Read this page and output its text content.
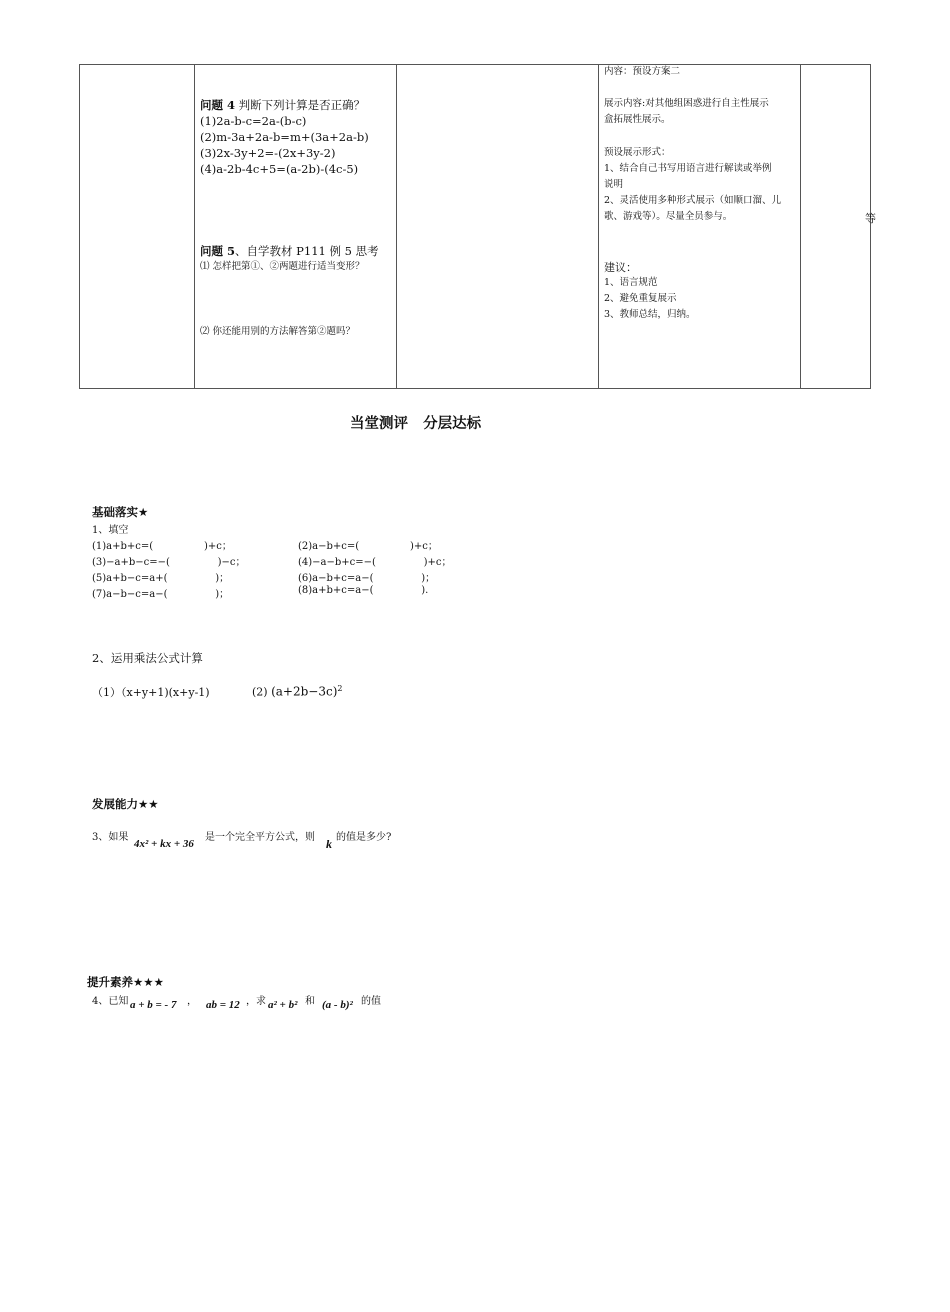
问题 4 判断下列计算是否正确？
(1)2a-b-c=2a-(b-c)
(2)m-3a+2a-b=m+(3a+2a-b)
(3)2x-3y+2=-(2x+3y-2)
(4)a-2b-4c+5=(a-2b)-(4c-5)
问题 5、自学教材 P111 例 5 思考
⑴ 怎样把第①、②两题进行适当变形？
⑵ 你还能用别的方法解答第②题吗？
内容：预设方案二
展示内容:对其他组困惑进行自主性展示
盒拓展性展示。
预设展示形式：
1、结合自己书写用语言进行解读或举例
说明
2、灵活使用多种形式展示（如顺口溜、儿
歌、游戏等）。尽量全员参与。
建议：
1、语言规范
2、避免重复展示
3、教师总结，归纳。
等
当堂测评   分层达标
基础落实★
1、填空
(1)a+b+c=(                )+c；	(2)a−b+c=(                )+c；
(3)−a+b−c=−(               )−c；	(4)−a−b+c=−(               )+c；
(5)a+b−c=a+(               )；	(6)a−b+c=a−(               )；
(7)a−b−c=a−(               )；	(8)a+b+c=a−(               ).
2、运用乘法公式计算
（1）（x+y+1)(x+y-1)	(2) $(a+2b-3c)^2$
发展能力★★
3、如果
4x² + kx + 36
是一个完全平方公式，则 k 的值是多少?
提升素养★★★
4、已知 a + b = - 7 ， ab = 12 ，求 a² + b² 和 (a - b)² 的值
